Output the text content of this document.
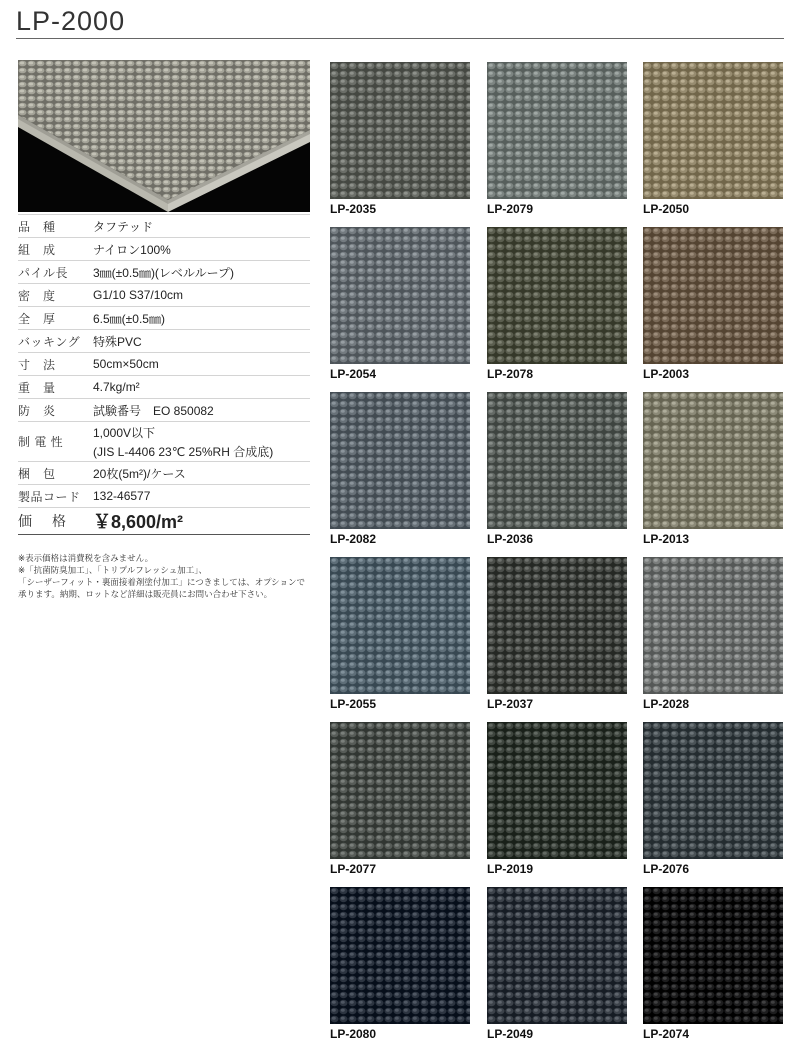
LP-2000
品　種	タフテッド
組　成	ナイロン100%
パイル長	3㎜(±0.5㎜)(レベルループ)
密　度	G1/10 S37/10cm
全　厚	6.5㎜(±0.5㎜)
バッキング	特殊PVC
寸　法	50cm×50cm
重　量	4.7kg/m²
防　炎	試験番号　EO 850082
制 電 性	1,000V以下
(JIS L-4406 23℃ 25%RH 合成底)

梱　包	20枚(5m²)/ケース
製品コード	132-46577
価　格	￥8,600/m²

※表示価格は消費税を含みません。

※「抗菌防臭加工」、「トリプルフレッシュ加工」、

「シーザーフィット・裏面接着剤塗付加工」につきましては、オプションで

承ります。納期、ロットなど詳細は販売員にお問い合わせ下さい。

LP-2035	LP-2079	LP-2050
LP-2054	LP-2078	LP-2003
LP-2082	LP-2036	LP-2013
LP-2055	LP-2037	LP-2028
LP-2077	LP-2019	LP-2076
LP-2080	LP-2049	LP-2074
